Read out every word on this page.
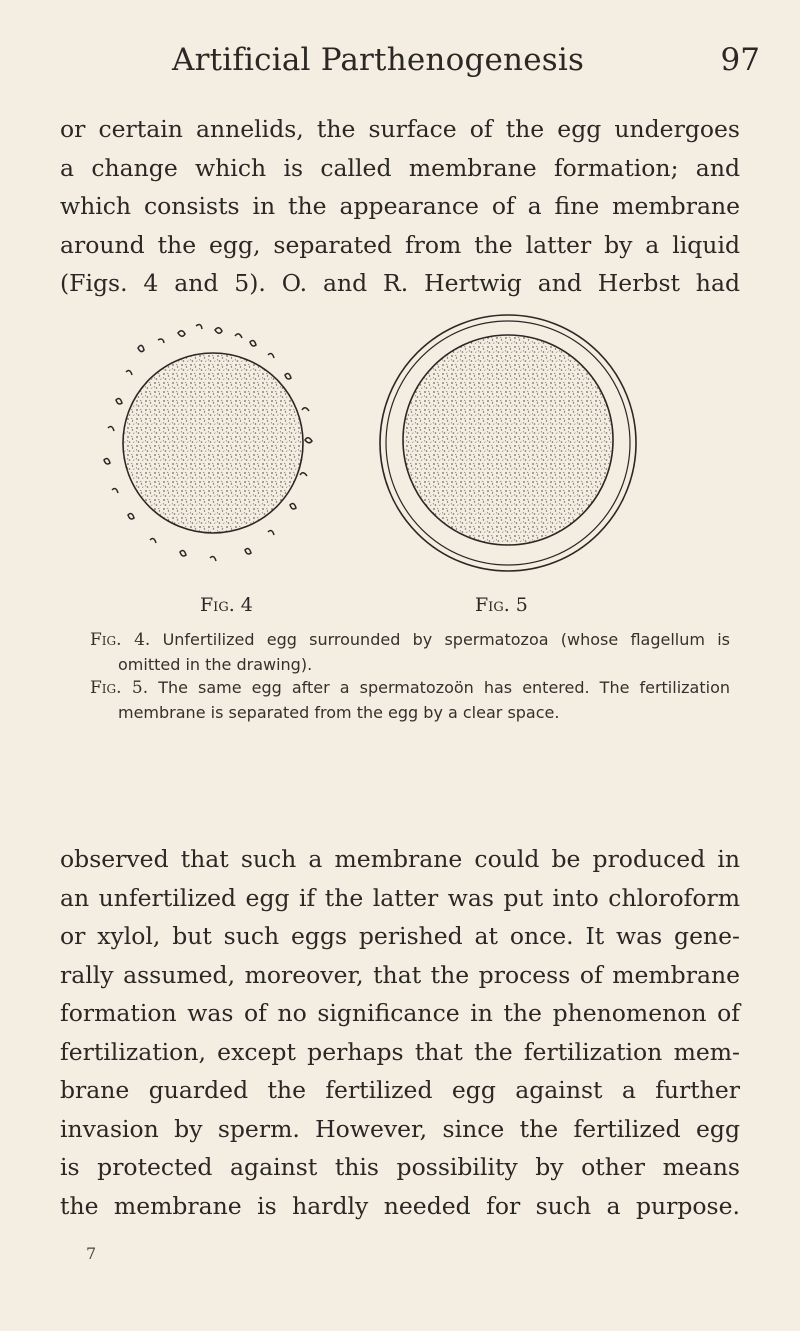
Artificial Parthenogenesis	97
or certain annelids, the surface of the egg undergoes
a change which is called membrane formation; and
which consists in the appearance of a fine membrane
around the egg, separated from the latter by a liquid
(Figs. 4 and 5). O. and R. Hertwig and Herbst had
Fig. 4	Fig. 5

Fig. 4. Unfertilized egg surrounded by spermatozoa (whose flagellum is omitted in the drawing).

Fig. 5. The same egg after a spermatozoön has entered. The fertilization membrane is separated from the egg by a clear space.

observed that such a membrane could be produced in
an unfertilized egg if the latter was put into chloroform
or xylol, but such eggs perished at once. It was gene-
rally assumed, moreover, that the process of membrane
formation was of no significance in the phenomenon of
fertilization, except perhaps that the fertilization mem-
brane guarded the fertilized egg against a further
invasion by sperm. However, since the fertilized egg
is protected against this possibility by other means
the membrane is hardly needed for such a purpose.
7
